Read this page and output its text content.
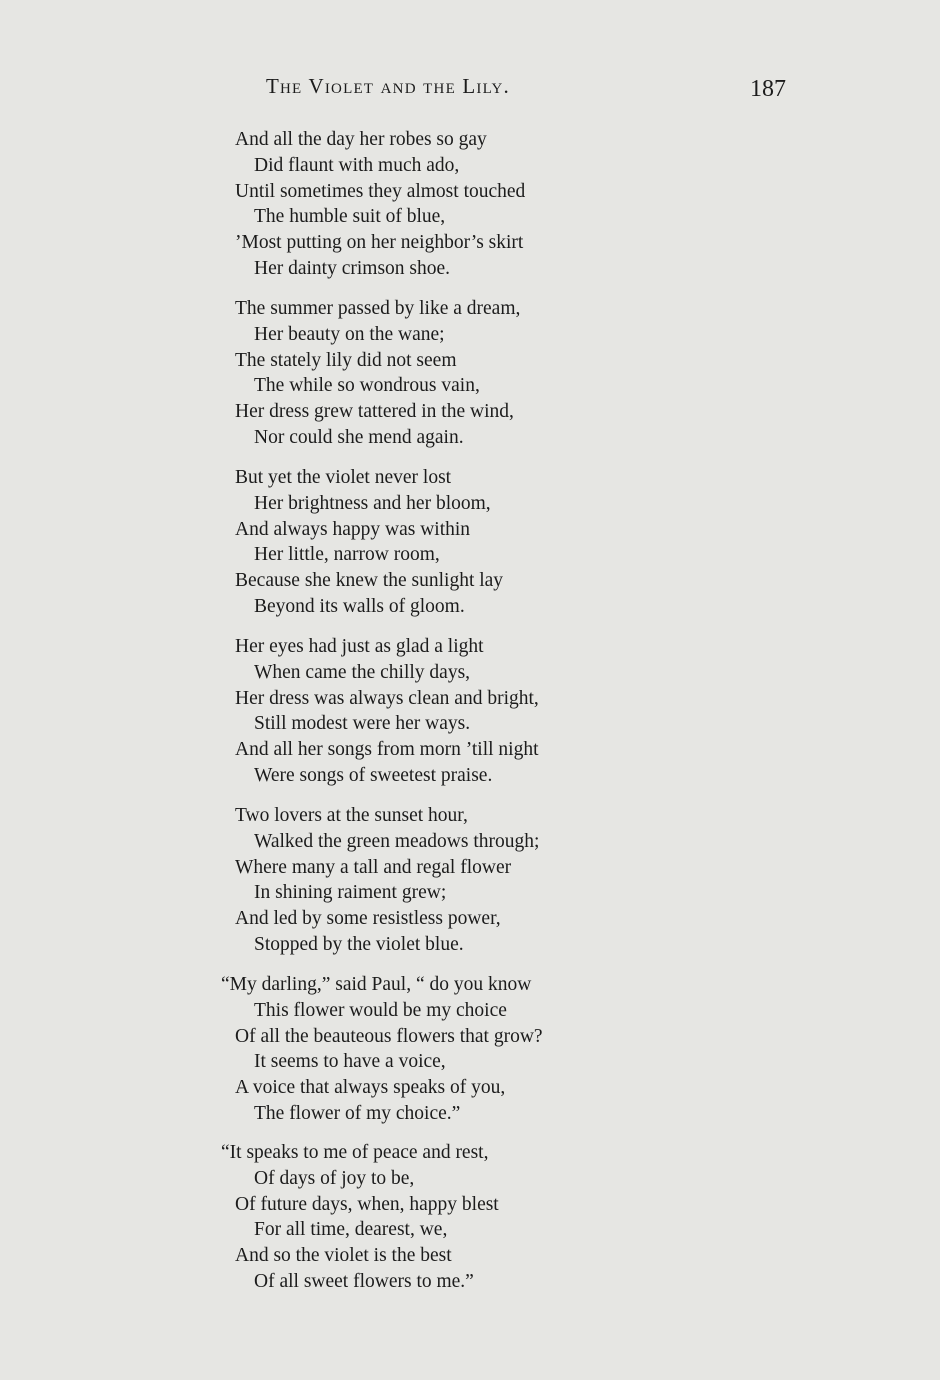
The Violet and the Lily.	187
And all the day her robes so gay
Did flaunt with much ado,
Until sometimes they almost touched
The humble suit of blue,
’Most putting on her neighbor’s skirt
Her dainty crimson shoe.
The summer passed by like a dream,
Her beauty on the wane;
The stately lily did not seem
The while so wondrous vain,
Her dress grew tattered in the wind,
Nor could she mend again.
But yet the violet never lost
Her brightness and her bloom,
And always happy was within
Her little, narrow room,
Because she knew the sunlight lay
Beyond its walls of gloom.
Her eyes had just as glad a light
When came the chilly days,
Her dress was always clean and bright,
Still modest were her ways.
And all her songs from morn ’till night
Were songs of sweetest praise.
Two lovers at the sunset hour,
Walked the green meadows through;
Where many a tall and regal flower
In shining raiment grew;
And led by some resistless power,
Stopped by the violet blue.
“My darling,” said Paul, “ do you know
This flower would be my choice
Of all the beauteous flowers that grow?
It seems to have a voice,
A voice that always speaks of you,
The flower of my choice.”
“It speaks to me of peace and rest,
Of days of joy to be,
Of future days, when, happy blest
For all time, dearest, we,
And so the violet is the best
Of all sweet flowers to me.”
